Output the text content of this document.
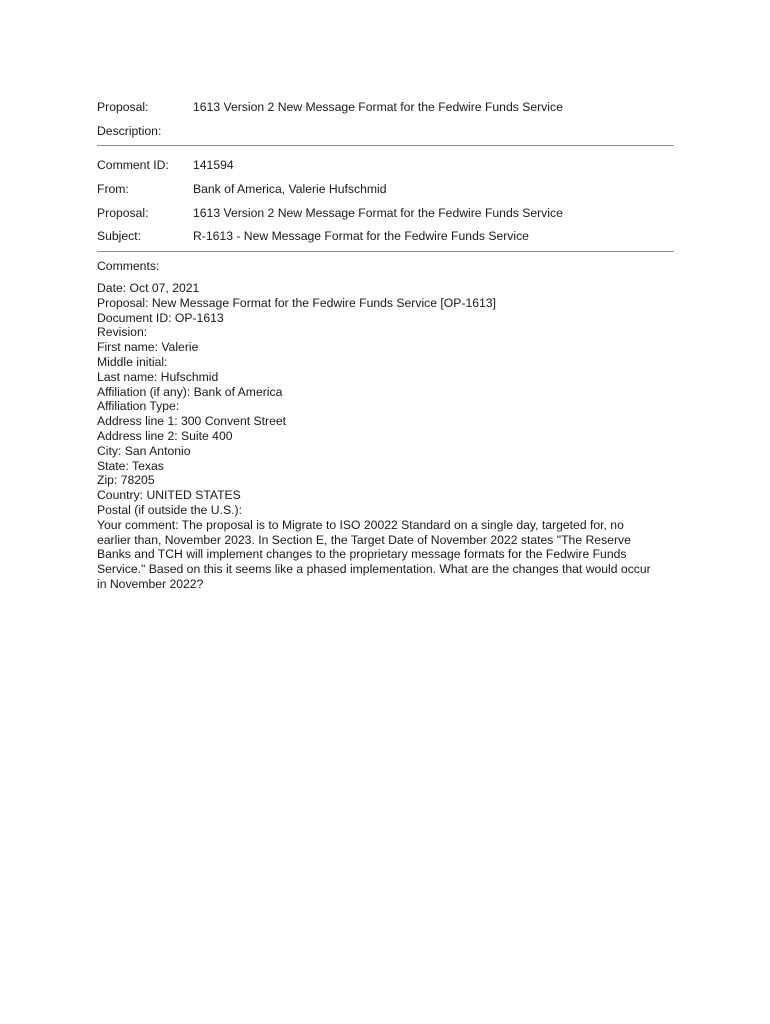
Proposal:	1613 Version 2 New Message Format for the Fedwire Funds Service
Description:
Comment ID: 141594
From:	Bank of America, Valerie Hufschmid
Proposal:	1613 Version 2 New Message Format for the Fedwire Funds Service
Subject:	R-1613 - New Message Format for the Fedwire Funds Service
Comments:
Date: Oct 07, 2021
Proposal: New Message Format for the Fedwire Funds Service [OP-1613]
Document ID: OP-1613
Revision:
First name: Valerie
Middle initial:
Last name: Hufschmid
Affiliation (if any): Bank of America
Affiliation Type:
Address line 1: 300 Convent Street
Address line 2: Suite 400
City: San Antonio
State: Texas
Zip: 78205
Country: UNITED STATES
Postal (if outside the U.S.):
Your comment: The proposal is to Migrate to ISO 20022 Standard on a single day, targeted for, no
earlier than, November 2023. In Section E, the Target Date of November 2022 states "The Reserve
Banks and TCH will implement changes to the proprietary message formats for the Fedwire Funds
Service." Based on this it seems like a phased implementation. What are the changes that would occur
in November 2022?
